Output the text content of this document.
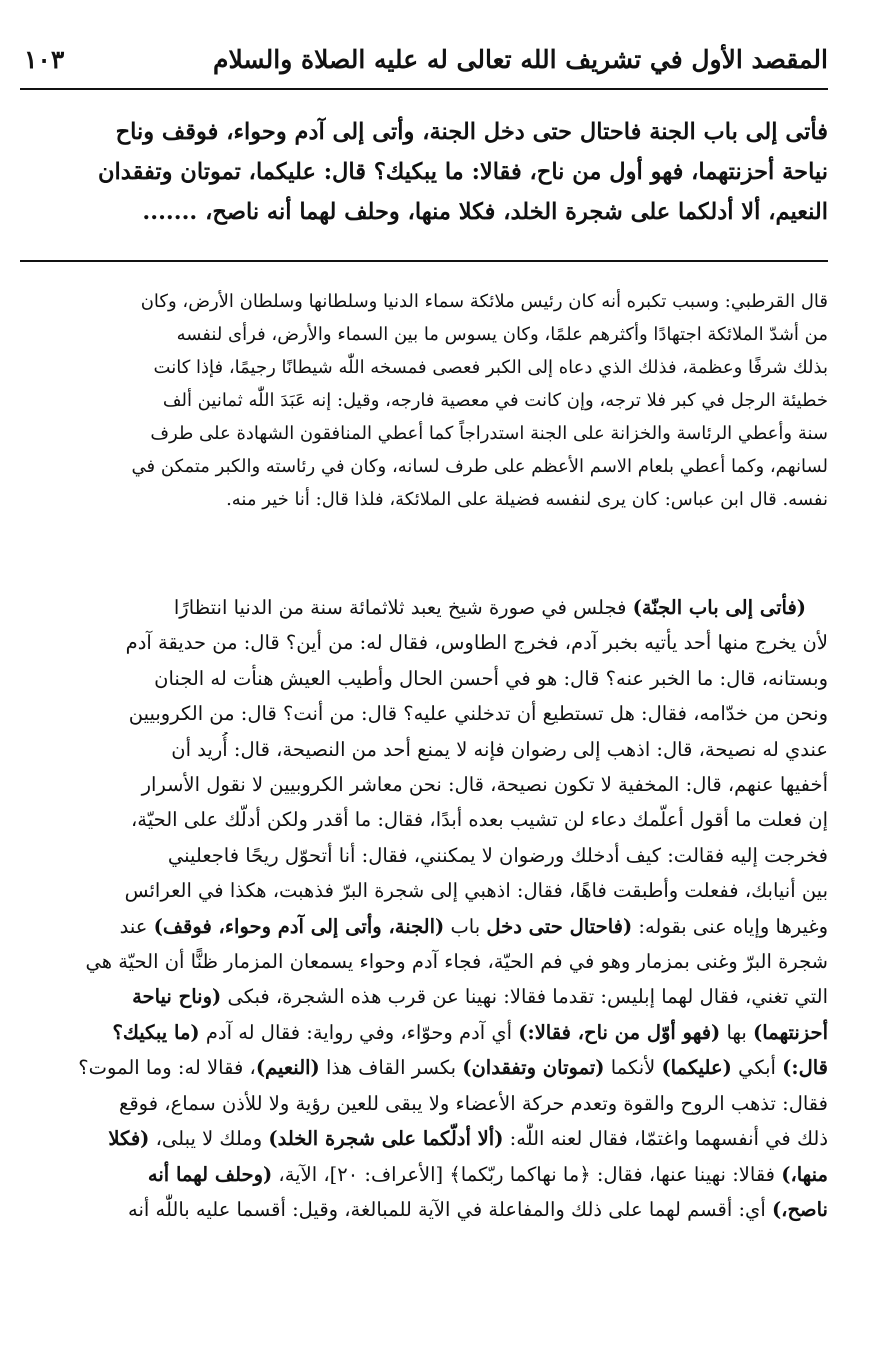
المقصد الأول في تشريف الله تعالى له عليه الصلاة والسلام
١٠٣
فأتى إلى باب الجنة فاحتال حتى دخل الجنة، وأتى إلى آدم وحواء، فوقف وناح
نياحة أحزنتهما، فهو أول من ناح، فقالا: ما يبكيك؟ قال: عليكما، تموتان وتفقدان
النعيم، ألا أدلكما على شجرة الخلد، فكلا منها، وحلف لهما أنه ناصح، .......
قال القرطبي: وسبب تكبره أنه كان رئيس ملائكة سماء الدنيا وسلطانها وسلطان الأرض، وكان
من أشدّ الملائكة اجتهادًا وأكثرهم علمًا، وكان يسوس ما بين السماء والأرض، فرأى لنفسه
بذلك شرفًا وعظمة، فذلك الذي دعاه إلى الكبر فعصى فمسخه اللّٰه شيطانًا رجيمًا، فإذا كانت
خطيئة الرجل في كبر فلا ترجه، وإن كانت في معصية فارجه، وقيل: إنه عَبَدَ اللّٰه ثمانين ألف
سنة وأعطي الرئاسة والخزانة على الجنة استدراجاً كما أعطي المنافقون الشهادة على طرف
لسانهم، وكما أعطي بلعام الاسم الأعظم على طرف لسانه، وكان في رئاسته والكبر متمكن في
نفسه. قال ابن عباس: كان يرى لنفسه فضيلة على الملائكة، فلذا قال: أنا خير منه.
(فأتى إلى باب الجنّة) فجلس في صورة شيخ يعبد ثلاثمائة سنة من الدنيا انتظارًا
لأن يخرج منها أحد يأتيه بخبر آدم، فخرج الطاوس، فقال له: من أين؟ قال: من حديقة آدم
وبستانه، قال: ما الخبر عنه؟ قال: هو في أحسن الحال وأطيب العيش هنأت له الجنان
ونحن من خدّامه، فقال: هل تستطيع أن تدخلني عليه؟ قال: من أنت؟ قال: من الكروبيين
عندي له نصيحة، قال: اذهب إلى رضوان فإنه لا يمنع أحد من النصيحة، قال: أُريد أن
أخفيها عنهم، قال: المخفية لا تكون نصيحة، قال: نحن معاشر الكروبيين لا نقول الأسرار
إن فعلت ما أقول أعلّمك دعاء لن تشيب بعده أبدًا، فقال: ما أقدر ولكن أدلّك على الحيّة،
فخرجت إليه فقالت: كيف أدخلك ورضوان لا يمكنني، فقال: أنا أتحوّل ريحًا فاجعليني
بين أنيابك، ففعلت وأطبقت فاهًا، فقال: اذهبي إلى شجرة البرّ فذهبت، هكذا في العرائس
وغيرها وإياه عنى بقوله: (فاحتال حتى دخل باب (الجنة، وأتى إلى آدم وحواء، فوقف) عند
شجرة البرّ وغنى بمزمار وهو في فم الحيّة، فجاء آدم وحواء يسمعان المزمار ظنًّا أن الحيّة هي
التي تغني، فقال لهما إبليس: تقدما فقالا: نهينا عن قرب هذه الشجرة، فبكى (وناح نياحة
أحزنتهما) بها (فهو أوّل من ناح، فقالا:) أي آدم وحوّاء، وفي رواية: فقال له آدم (ما يبكيك؟
قال:) أبكي (عليكما) لأنكما (تموتان وتفقدان) بكسر القاف هذا (النعيم)، فقالا له: وما الموت؟
فقال: تذهب الروح والقوة وتعدم حركة الأعضاء ولا يبقى للعين رؤية ولا للأذن سماع، فوقع
ذلك في أنفسهما واغتمّا، فقال لعنه اللّٰه: (ألا أدلّكما على شجرة الخلد) وملك لا يبلى، (فكلا
منها،) فقالا: نهينا عنها، فقال: ﴿ما نهاكما ربّكما﴾ [الأعراف: ٢٠]، الآية، (وحلف لهما أنه
ناصح،) أي: أقسم لهما على ذلك والمفاعلة في الآية للمبالغة، وقيل: أقسما عليه باللّٰه أنه
